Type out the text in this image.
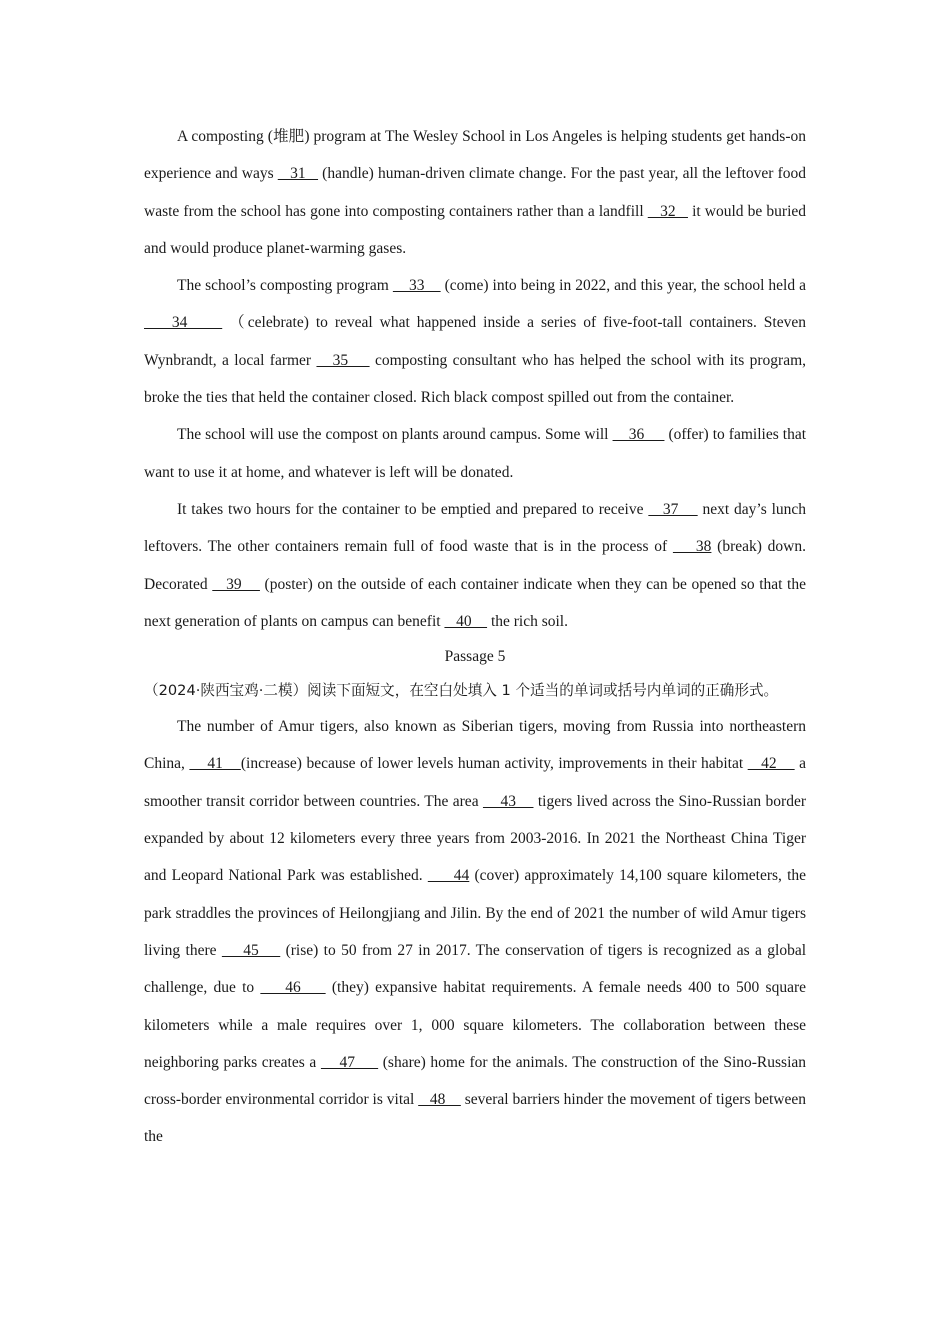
A composting (堆肥) program at The Wesley School in Los Angeles is helping students get hands-on experience and ways    31    (handle) human-driven climate change. For the past year, all the leftover food waste from the school has gone into composting containers rather than a landfill    32    it would be buried and would produce planet-warming gases.

The school’s composting program     33     (come) into being in 2022, and this year, the school held a     34      （celebrate) to reveal what happened inside a series of five-foot-tall containers. Steven Wynbrandt, a local farmer    35     composting consultant who has helped the school with its program, broke the ties that held the container closed. Rich black compost spilled out from the container.

The school will use the compost on plants around campus. Some will     36      (offer) to families that want to use it at home, and whatever is left will be donated.

It takes two hours for the container to be emptied and prepared to receive    37     next day’s lunch leftovers. The other containers remain full of food waste that is in the process of     38 (break) down. Decorated    39     (poster) on the outside of each container indicate when they can be opened so that the next generation of plants on campus can benefit    40     the rich soil.

Passage 5

（2024·陕西宝鸡·二模）阅读下面短文，在空白处填入 1 个适当的单词或括号内单词的正确形式。

The number of Amur tigers, also known as Siberian tigers, moving from Russia into northeastern China,     41    (increase) because of lower levels human activity, improvements in their habitat    42     a smoother transit corridor between countries. The area     43     tigers lived across the Sino-Russian border expanded by about 12 kilometers every three years from 2003-2016. In 2021 the Northeast China Tiger and Leopard National Park was established.      44 (cover) approximately 14,100 square kilometers, the park straddles the provinces of Heilongjiang and Jilin. By the end of 2021 the number of wild Amur tigers living there     45     (rise) to 50 from 27 in 2017. The conservation of tigers is recognized as a global challenge, due to     46     (they) expansive habitat requirements. A female needs 400 to 500 square kilometers while a male requires over 1, 000 square kilometers. The collaboration between these neighboring parks creates a     47      (share) home for the animals. The construction of the Sino-Russian cross-border environmental corridor is vital    48     several barriers hinder the movement of tigers between the
